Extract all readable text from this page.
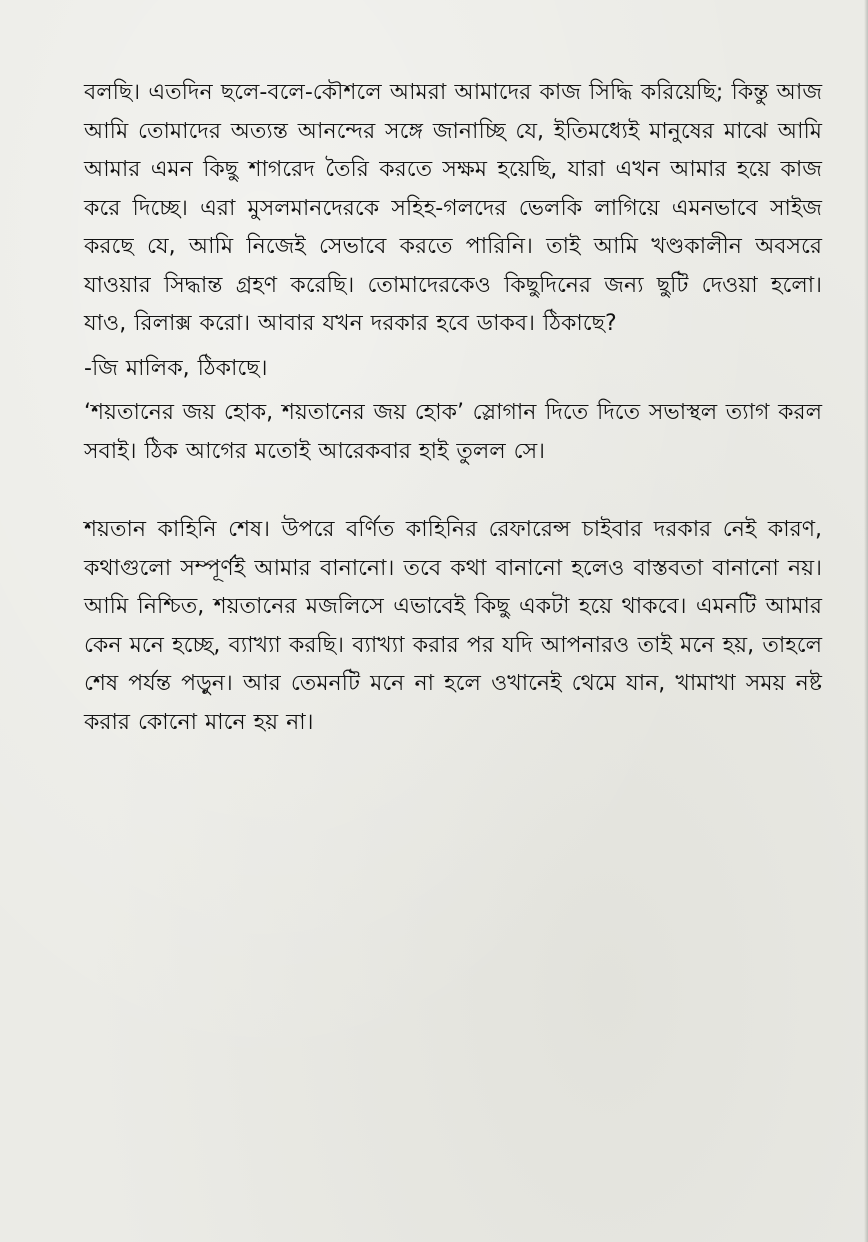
বলছি। এতদিন ছলে-বলে-কৌশলে আমরা আমাদের কাজ সিদ্ধি করিয়েছি; কিন্তু আজ আমি তোমাদের অত্যন্ত আনন্দের সঙ্গে জানাচ্ছি যে, ইতিমধ্যেই মানুষের মাঝে আমি আমার এমন কিছু শাগরেদ তৈরি করতে সক্ষম হয়েছি, যারা এখন আমার হয়ে কাজ করে দিচ্ছে। এরা মুসলমানদেরকে সহিহ-গলদের ভেলকি লাগিয়ে এমনভাবে সাইজ করছে যে, আমি নিজেই সেভাবে করতে পারিনি। তাই আমি খণ্ডকালীন অবসরে যাওয়ার সিদ্ধান্ত গ্রহণ করেছি। তোমাদেরকেও কিছুদিনের জন্য ছুটি দেওয়া হলো। যাও, রিলাক্স করো। আবার যখন দরকার হবে ডাকব। ঠিকাছে?

-জি মালিক, ঠিকাছে।

‘শয়তানের জয় হোক, শয়তানের জয় হোক’ স্লোগান দিতে দিতে সভাস্থল ত্যাগ করল সবাই। ঠিক আগের মতোই আরেকবার হাই তুলল সে।

শয়তান কাহিনি শেষ। উপরে বর্ণিত কাহিনির রেফারেন্স চাইবার দরকার নেই কারণ, কথাগুলো সম্পূর্ণই আমার বানানো। তবে কথা বানানো হলেও বাস্তবতা বানানো নয়। আমি নিশ্চিত, শয়তানের মজলিসে এভাবেই কিছু একটা হয়ে থাকবে। এমনটি আমার কেন মনে হচ্ছে, ব্যাখ্যা করছি। ব্যাখ্যা করার পর যদি আপনারও তাই মনে হয়, তাহলে শেষ পর্যন্ত পড়ুন। আর তেমনটি মনে না হলে ওখানেই থেমে যান, খামাখা সময় নষ্ট করার কোনো মানে হয় না।
